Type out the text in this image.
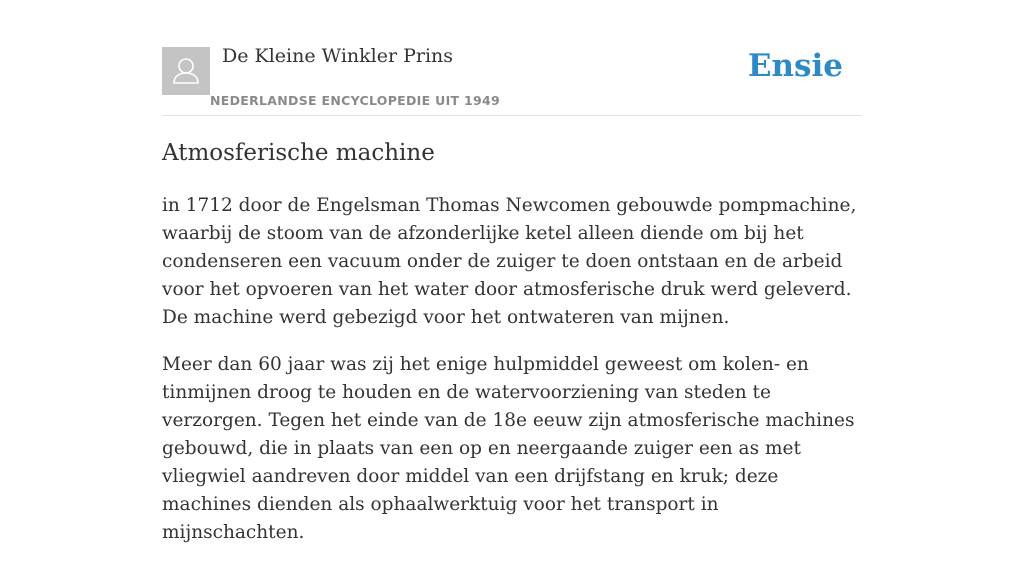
De Kleine Winkler Prins
NEDERLANDSE ENCYCLOPEDIE UIT 1949
Ensie
Atmosferische machine

in 1712 door de Engelsman Thomas Newcomen gebouwde pompmachine, waarbij de stoom van de afzonderlijke ketel alleen diende om bij het condenseren een vacuum onder de zuiger te doen ontstaan en de arbeid voor het opvoeren van het water door atmosferische druk werd geleverd. De machine werd gebezigd voor het ontwateren van mijnen.

Meer dan 60 jaar was zij het enige hulpmiddel geweest om kolen- en tinmijnen droog te houden en de watervoorziening van steden te verzorgen. Tegen het einde van de 18e eeuw zijn atmosferische machines gebouwd, die in plaats van een op en neergaande zuiger een as met vliegwiel aandreven door middel van een drijfstang en kruk; deze machines dienden als ophaalwerktuig voor het transport in mijnschachten.
